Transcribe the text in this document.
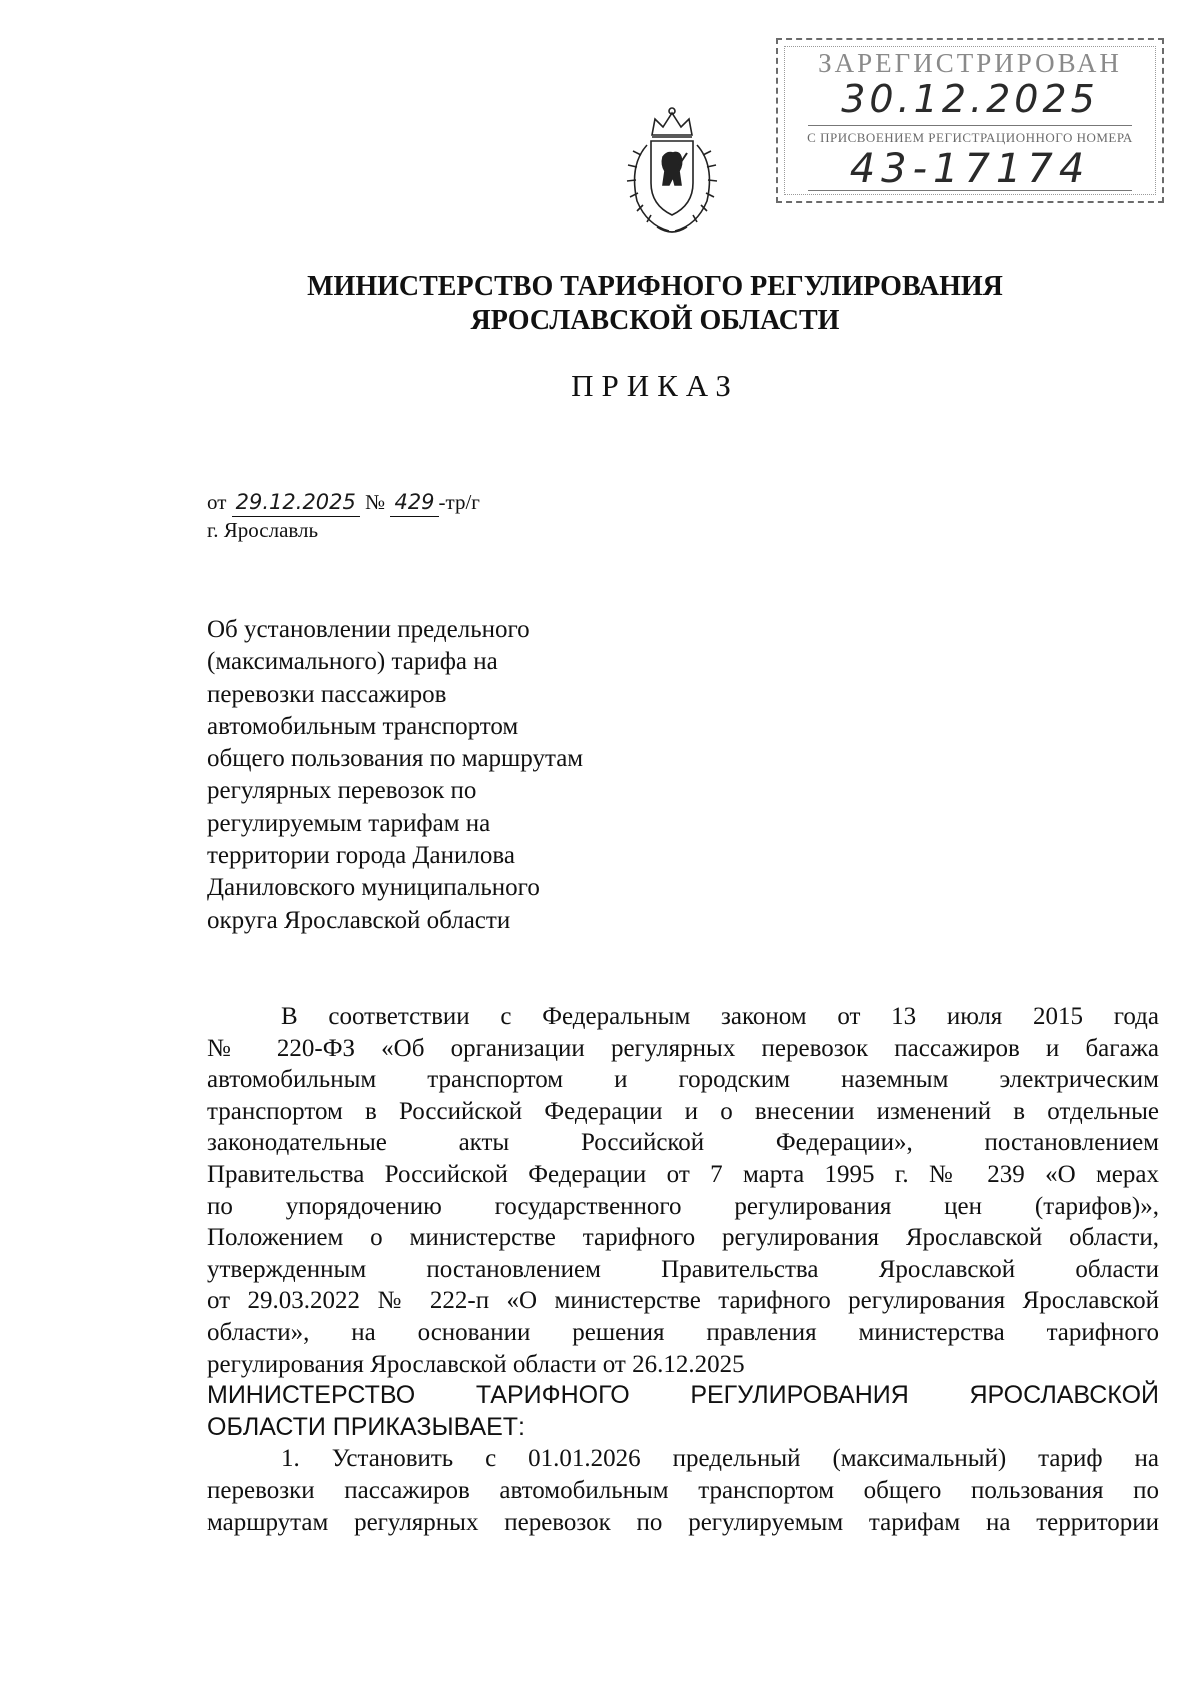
ЗАРЕГИСТРИРОВАН
30.12.2025
С ПРИСВОЕНИЕМ РЕГИСТРАЦИОННОГО НОМЕРА
43-17174
МИНИСТЕРСТВО ТАРИФНОГО РЕГУЛИРОВАНИЯ
ЯРОСЛАВСКОЙ ОБЛАСТИ
ПРИКАЗ
от 29.12.2025 № 429 -тр/г
г. Ярославль
Об установлении предельного
(максимального) тарифа на
перевозки пассажиров
автомобильным транспортом
общего пользования по маршрутам
регулярных перевозок по
регулируемым тарифам на
территории города Данилова
Даниловского муниципального
округа Ярославской области
В соответствии с Федеральным законом от 13 июля 2015 года
№ 220-ФЗ «Об организации регулярных перевозок пассажиров и багажа
автомобильным транспортом и городским наземным электрическим
транспортом в Российской Федерации и о внесении изменений в отдельные
законодательные акты Российской Федерации», постановлением
Правительства Российской Федерации от 7 марта 1995 г. № 239 «О мерах
по упорядочению государственного регулирования цен (тарифов)»,
Положением о министерстве тарифного регулирования Ярославской области,
утвержденным постановлением Правительства Ярославской области
от 29.03.2022 № 222-п «О министерстве тарифного регулирования Ярославской
области», на основании решения правления министерства тарифного
регулирования Ярославской области от 26.12.2025
МИНИСТЕРСТВО ТАРИФНОГО РЕГУЛИРОВАНИЯ ЯРОСЛАВСКОЙ
ОБЛАСТИ ПРИКАЗЫВАЕТ:
1. Установить с 01.01.2026 предельный (максимальный) тариф на
перевозки пассажиров автомобильным транспортом общего пользования по
маршрутам регулярных перевозок по регулируемым тарифам на территории
